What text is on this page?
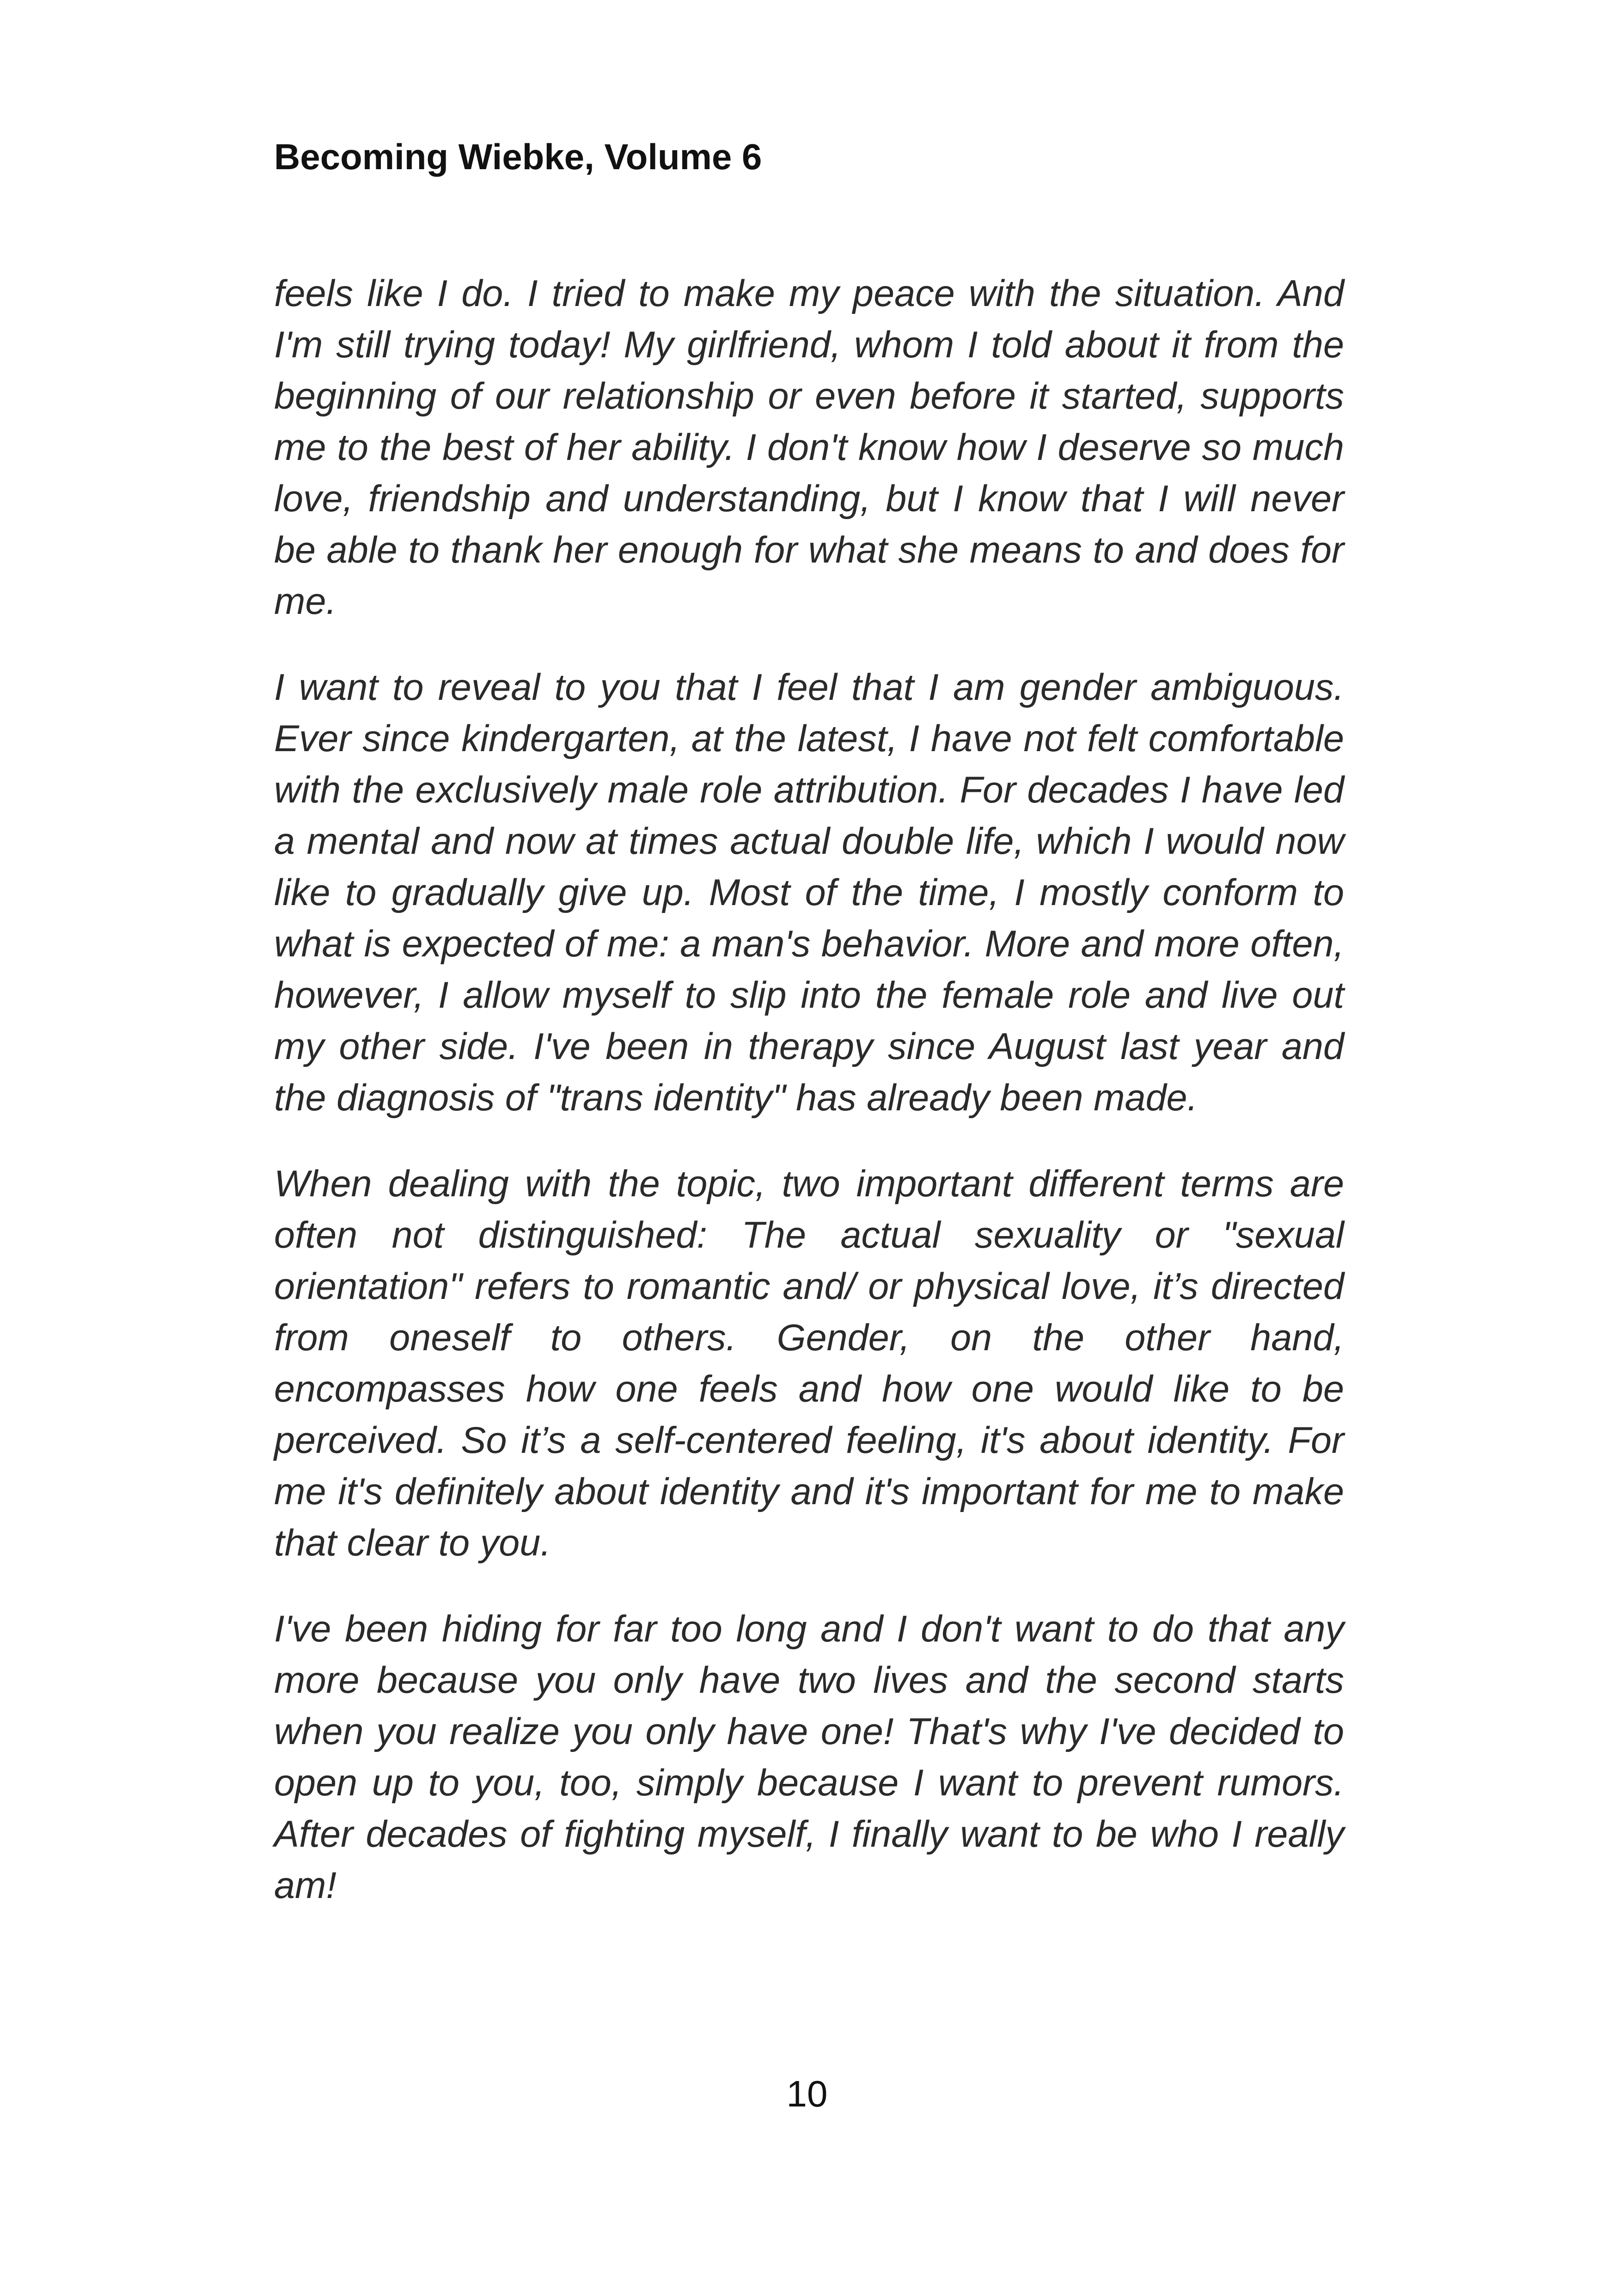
Becoming Wiebke, Volume 6

feels like I do. I tried to make my peace with the situation. And I'm still trying today! My girlfriend, whom I told about it from the beginning of our relationship or even before it started, supports me to the best of her ability. I don't know how I deserve so much love, friendship and understanding, but I know that I will never be able to thank her enough for what she means to and does for me.

I want to reveal to you that I feel that I am gender ambiguous. Ever since kindergarten, at the latest, I have not felt comfortable with the exclusively male role attribution. For decades I have led a mental and now at times actual double life, which I would now like to gradually give up. Most of the time, I mostly conform to what is expected of me: a man's behavior. More and more often, however, I allow myself to slip into the female role and live out my other side. I've been in therapy since August last year and the diagnosis of "trans identity" has already been made.

When dealing with the topic, two important different terms are often not distinguished: The actual sexuality or "sexual orientation" refers to romantic and/ or physical love, it’s directed from oneself to others. Gender, on the other hand, encompasses how one feels and how one would like to be perceived. So it’s a self-centered feeling, it's about identity. For me it's definitely about identity and it's important for me to make that clear to you.

I've been hiding for far too long and I don't want to do that any more because you only have two lives and the second starts when you realize you only have one! That's why I've decided to open up to you, too, simply because I want to prevent rumors. After decades of fighting myself, I finally want to be who I really am!

10
